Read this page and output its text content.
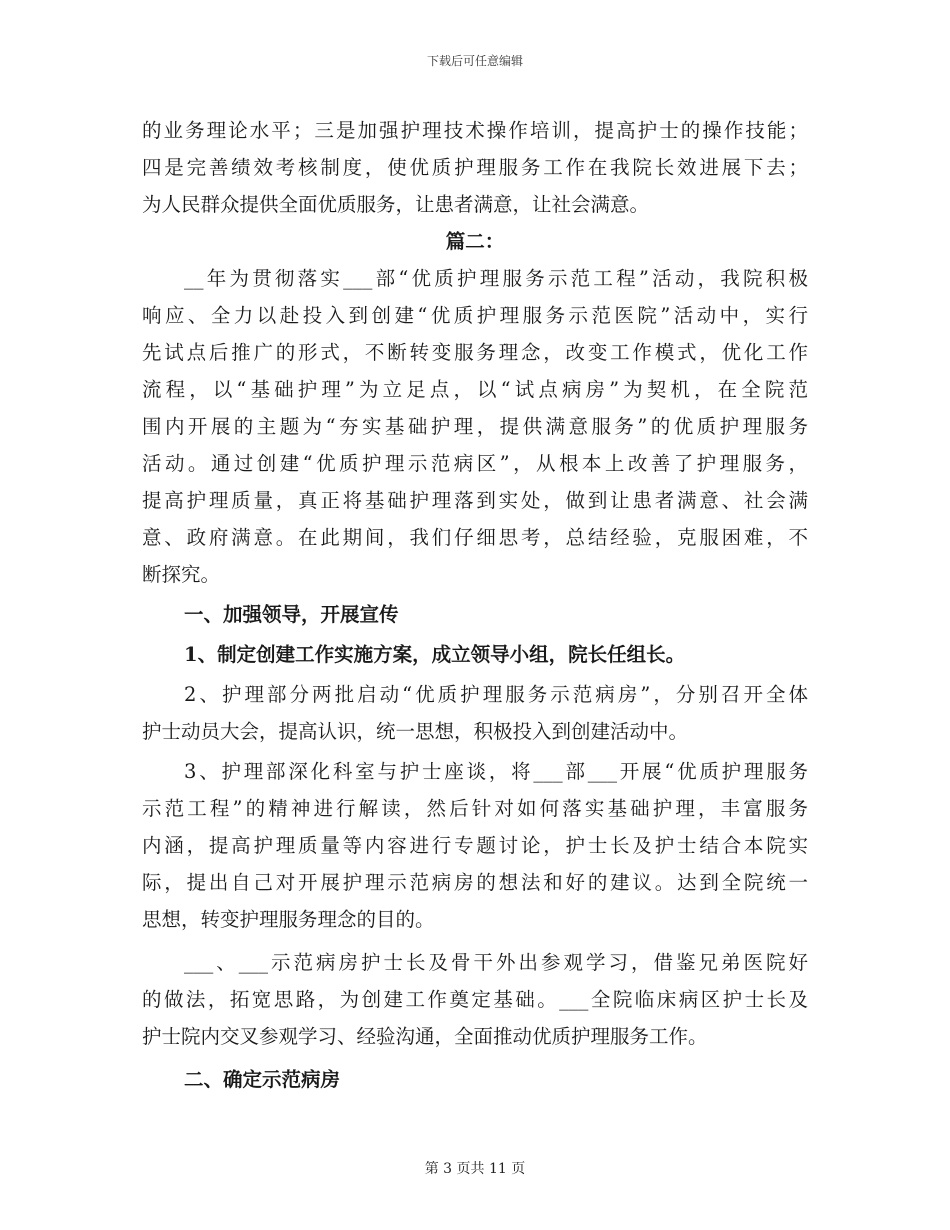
下载后可任意编辑
的业务理论水平；三是加强护理技术操作培训，提高护士的操作技能；
四是完善绩效考核制度，使优质护理服务工作在我院长效进展下去；
为人民群众提供全面优质服务，让患者满意，让社会满意。
篇二：
__年为贯彻落实___部“优质护理服务示范工程”活动，我院积极
响应、全力以赴投入到创建“优质护理服务示范医院”活动中，实行
先试点后推广的形式，不断转变服务理念，改变工作模式，优化工作
流程，以“基础护理”为立足点，以“试点病房”为契机，在全院范
围内开展的主题为“夯实基础护理，提供满意服务”的优质护理服务
活动。通过创建“优质护理示范病区”，从根本上改善了护理服务，
提高护理质量，真正将基础护理落到实处，做到让患者满意、社会满
意、政府满意。在此期间，我们仔细思考，总结经验，克服困难，不
断探究。
一、加强领导，开展宣传
1、制定创建工作实施方案，成立领导小组，院长任组长。
2、护理部分两批启动“优质护理服务示范病房”，分别召开全体
护士动员大会，提高认识，统一思想，积极投入到创建活动中。
3、护理部深化科室与护士座谈，将___部___开展“优质护理服务
示范工程”的精神进行解读，然后针对如何落实基础护理，丰富服务
内涵，提高护理质量等内容进行专题讨论，护士长及护士结合本院实
际，提出自己对开展护理示范病房的想法和好的建议。达到全院统一
思想，转变护理服务理念的目的。
___、___示范病房护士长及骨干外出参观学习，借鉴兄弟医院好
的做法，拓宽思路，为创建工作奠定基础。___全院临床病区护士长及
护士院内交叉参观学习、经验沟通，全面推动优质护理服务工作。
二、确定示范病房
第 3 页共 11 页
